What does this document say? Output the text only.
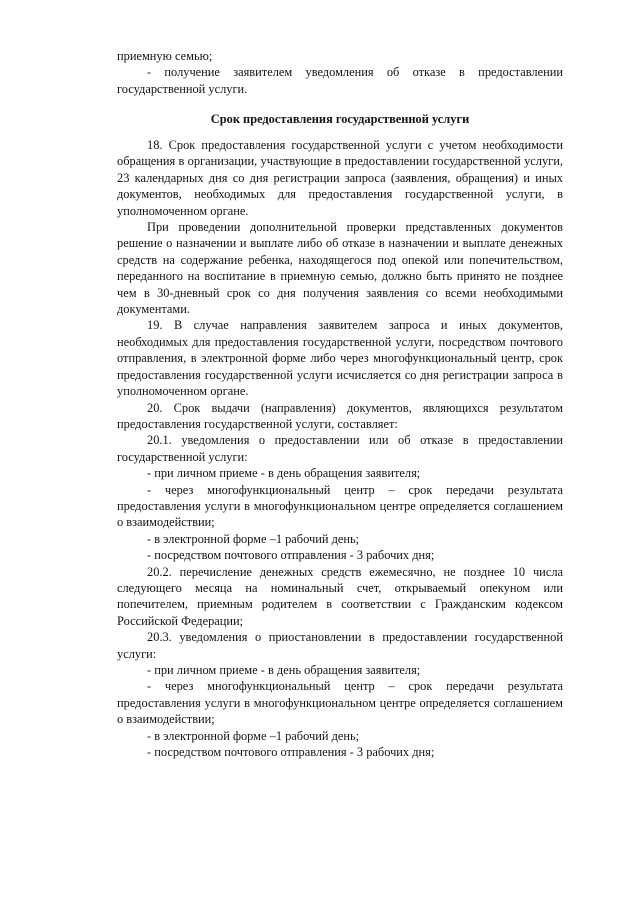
приемную семью;

- получение заявителем уведомления об отказе в предоставлении государственной услуги.

Срок предоставления государственной услуги

18. Срок предоставления государственной услуги с учетом необходимости обращения в организации, участвующие в предоставлении государственной услуги, 23 календарных дня со дня регистрации запроса (заявления, обращения) и иных документов, необходимых для предоставления государственной услуги, в уполномоченном органе.

При проведении дополнительной проверки представленных документов решение о назначении и выплате либо об отказе в назначении и выплате денежных средств на содержание ребенка, находящегося под опекой или попечительством, переданного на воспитание в приемную семью, должно быть принято не позднее чем в 30-дневный срок со дня получения заявления со всеми необходимыми документами.

19. В случае направления заявителем запроса и иных документов, необходимых для предоставления государственной услуги, посредством почтового отправления, в электронной форме либо через многофункциональный центр, срок предоставления государственной услуги исчисляется со дня регистрации запроса в уполномоченном органе.

20. Срок выдачи (направления) документов, являющихся результатом предоставления государственной услуги, составляет:

20.1. уведомления о предоставлении или об отказе в предоставлении государственной услуги:

- при личном приеме - в день обращения заявителя;

- через многофункциональный центр – срок передачи результата предоставления услуги в многофункциональном центре определяется соглашением о взаимодействии;

- в электронной форме –1 рабочий день;

- посредством почтового отправления - 3 рабочих дня;

20.2. перечисление денежных средств ежемесячно, не позднее 10 числа следующего месяца на номинальный счет, открываемый опекуном или попечителем, приемным родителем в соответствии с Гражданским кодексом Российской Федерации;

20.3. уведомления о приостановлении в предоставлении государственной услуги:

- при личном приеме - в день обращения заявителя;

- через многофункциональный центр – срок передачи результата предоставления услуги в многофункциональном центре определяется соглашением о взаимодействии;

- в электронной форме –1 рабочий день;

- посредством почтового отправления - 3 рабочих дня;
